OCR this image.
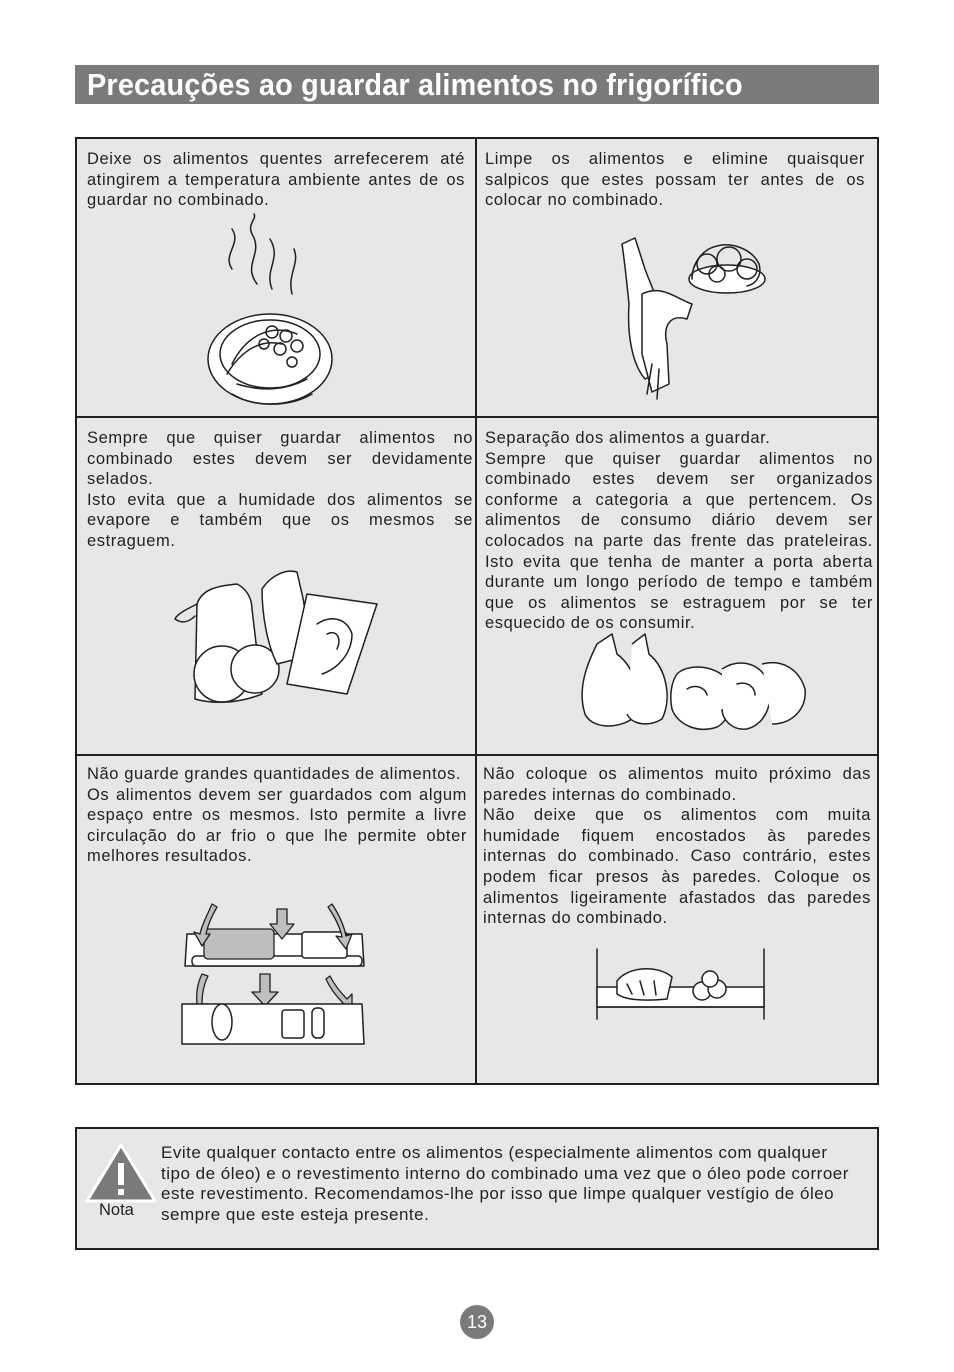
Precauções ao guardar alimentos no frigorífico

Deixe os alimentos quentes arrefecerem até atingirem a temperatura ambiente antes de os guardar no combinado.

Limpe os alimentos e elimine quaisquer salpicos que estes possam ter antes de os colocar no combinado.

Sempre que quiser guardar alimentos no combinado estes devem ser devidamente selados.
Isto evita que a humidade dos alimentos se evapore e também que os mesmos se estraguem.

Separação dos alimentos a guardar.
Sempre que quiser guardar alimentos no combinado estes devem ser organizados conforme a categoria a que pertencem. Os alimentos de consumo diário devem ser colocados na parte das frente das prateleiras. Isto evita que tenha de manter a porta aberta durante um longo período de tempo e também que os alimentos se estraguem por se ter esquecido de os consumir.

Não guarde grandes quantidades de alimentos.
Os alimentos devem ser guardados com algum espaço entre os mesmos. Isto permite a livre circulação do ar frio o que lhe permite obter melhores resultados.

Não coloque os alimentos muito próximo das paredes internas do combinado.
Não deixe que os alimentos com muita humidade fiquem encostados às paredes internas do combinado. Caso contrário, estes podem ficar presos às paredes. Coloque os alimentos ligeiramente afastados das paredes internas do combinado.

Nota

Evite qualquer contacto entre os alimentos (especialmente alimentos com qualquer tipo de óleo) e o revestimento interno do combinado uma vez que o óleo pode corroer este revestimento. Recomendamos-lhe por isso que limpe qualquer vestígio de óleo sempre que este esteja presente.

13
